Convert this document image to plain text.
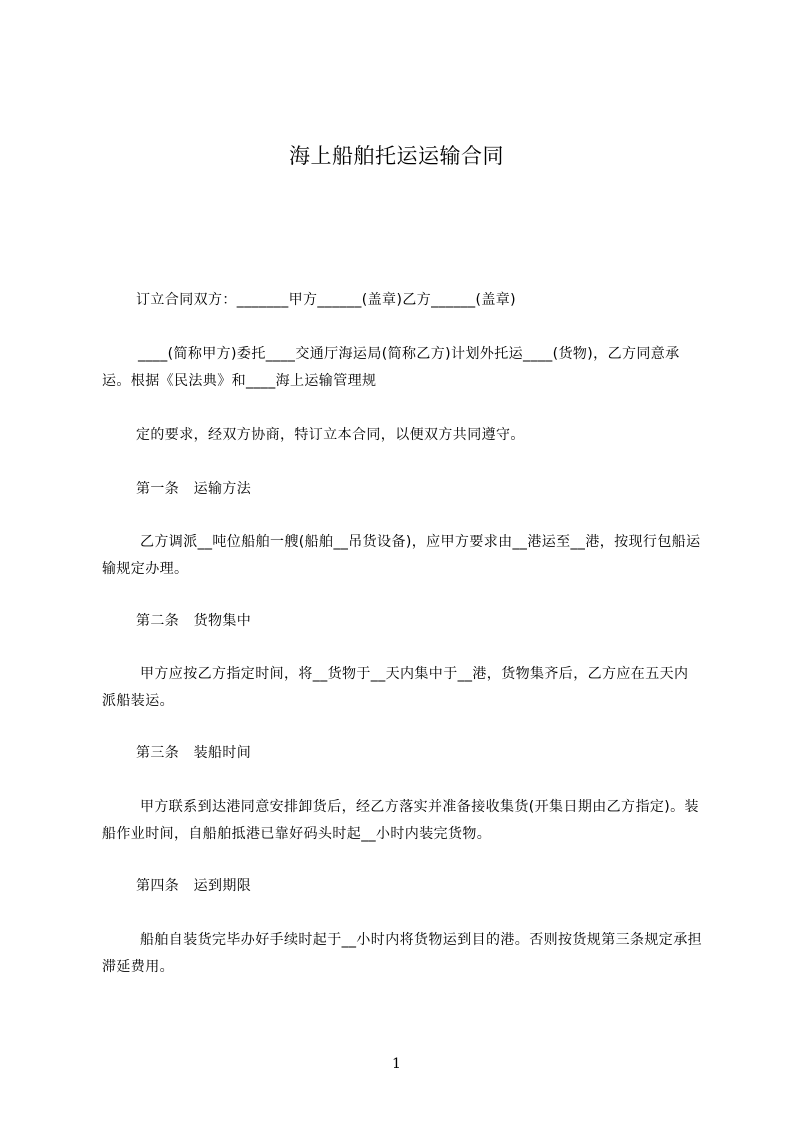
海上船舶托运运输合同
订立合同双方：_______甲方______(盖章)乙方______(盖章)
____(简称甲方)委托____交通厅海运局(简称乙方)计划外托运____(货物)，乙方同意承运。根据《民法典》和____海上运输管理规
定的要求，经双方协商，特订立本合同，以便双方共同遵守。
第一条　运输方法
乙方调派__吨位船舶一艘(船舶__吊货设备)，应甲方要求由__港运至__港，按现行包船运输规定办理。
第二条　货物集中
甲方应按乙方指定时间，将__货物于__天内集中于__港，货物集齐后，乙方应在五天内派船装运。
第三条　装船时间
甲方联系到达港同意安排卸货后，经乙方落实并准备接收集货(开集日期由乙方指定)。装船作业时间，自船舶抵港已靠好码头时起__小时内装完货物。
第四条　运到期限
船舶自装货完毕办好手续时起于__小时内将货物运到目的港。否则按货规第三条规定承担滞延费用。
1
